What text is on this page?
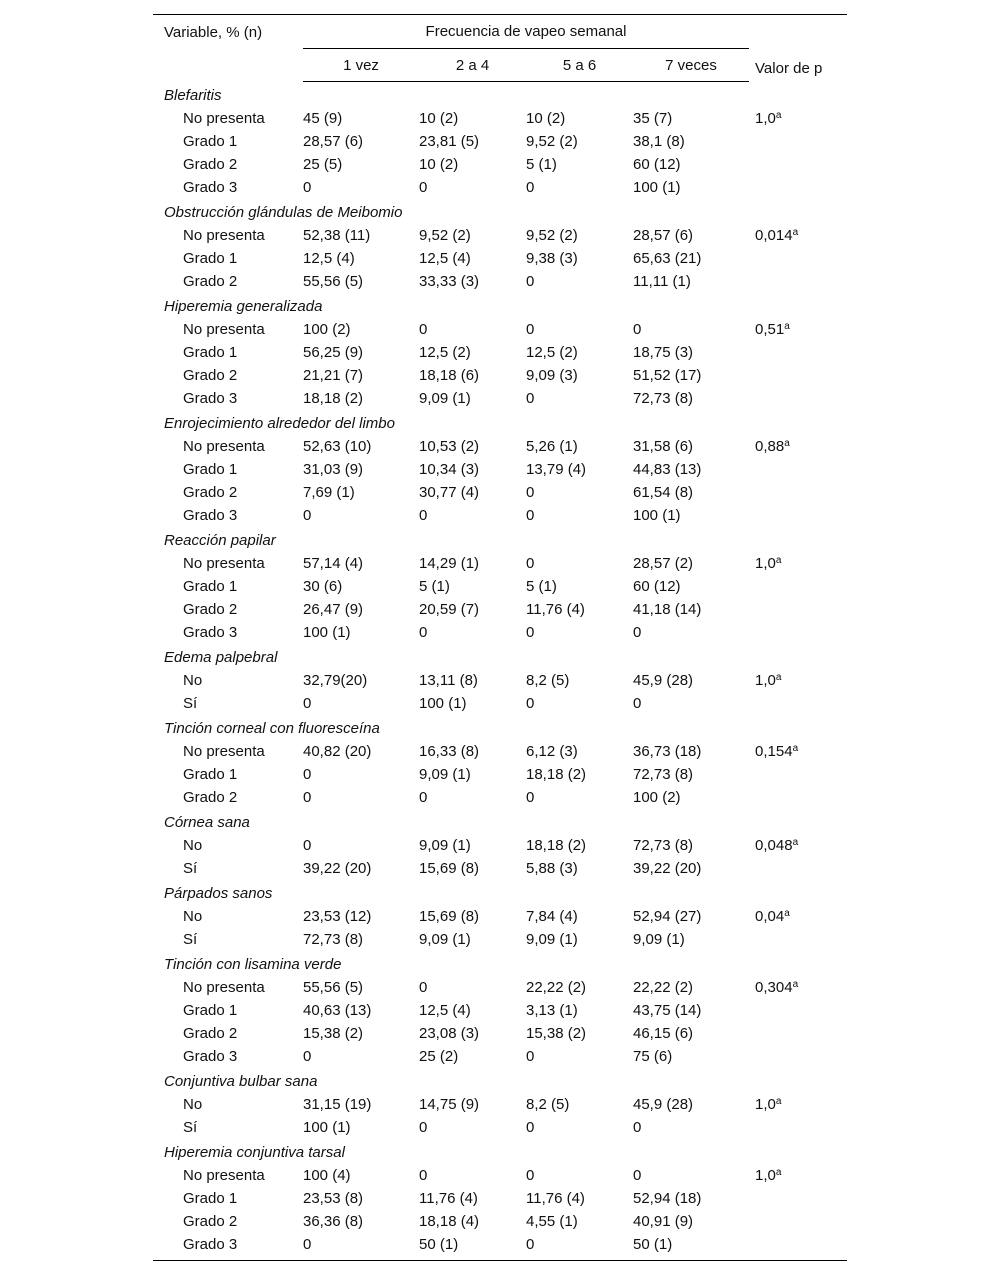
Variable, % (n)	Frecuencia de vapeo semanal				Valor de p
	1 vez	2 a 4	5 a 6	7 veces	
Blefaritis					
No presenta	45 (9)	10 (2)	10 (2)	35 (7)	1,0$^a$
Grado 1	28,57 (6)	23,81 (5)	9,52 (2)	38,1 (8)	
Grado 2	25 (5)	10 (2)	5 (1)	60 (12)	
Grado 3	0	0	0	100 (1)	
Obstrucción glándulas de Meibomio					
No presenta	52,38 (11)	9,52 (2)	9,52 (2)	28,57 (6)	0,014$^a$
Grado 1	12,5 (4)	12,5 (4)	9,38 (3)	65,63 (21)	
Grado 2	55,56 (5)	33,33 (3)	0	11,11 (1)	
Hiperemia generalizada					
No presenta	100 (2)	0	0	0	0,51$^a$
Grado 1	56,25 (9)	12,5 (2)	12,5 (2)	18,75 (3)	
Grado 2	21,21 (7)	18,18 (6)	9,09 (3)	51,52 (17)	
Grado 3	18,18 (2)	9,09 (1)	0	72,73 (8)	
Enrojecimiento alrededor del limbo					
No presenta	52,63 (10)	10,53 (2)	5,26 (1)	31,58 (6)	0,88$^a$
Grado 1	31,03 (9)	10,34 (3)	13,79 (4)	44,83 (13)	
Grado 2	7,69 (1)	30,77 (4)	0	61,54 (8)	
Grado 3	0	0	0	100 (1)	
Reacción papilar					
No presenta	57,14 (4)	14,29 (1)	0	28,57 (2)	1,0$^a$
Grado 1	30 (6)	5 (1)	5 (1)	60 (12)	
Grado 2	26,47 (9)	20,59 (7)	11,76 (4)	41,18 (14)	
Grado 3	100 (1)	0	0	0	
Edema palpebral					
No	32,79(20)	13,11 (8)	8,2 (5)	45,9 (28)	1,0$^a$
Sí	0	100 (1)	0	0	
Tinción corneal con fluoresceína					
No presenta	40,82 (20)	16,33 (8)	6,12 (3)	36,73 (18)	0,154$^a$
Grado 1	0	9,09 (1)	18,18 (2)	72,73 (8)	
Grado 2	0	0	0	100 (2)	
Córnea sana					
No	0	9,09 (1)	18,18 (2)	72,73 (8)	0,048$^a$
Sí	39,22 (20)	15,69 (8)	5,88 (3)	39,22 (20)	
Párpados sanos					
No	23,53 (12)	15,69 (8)	7,84 (4)	52,94 (27)	0,04$^a$
Sí	72,73 (8)	9,09 (1)	9,09 (1)	9,09 (1)	
Tinción con lisamina verde					
No presenta	55,56 (5)	0	22,22 (2)	22,22 (2)	0,304$^a$
Grado 1	40,63 (13)	12,5 (4)	3,13 (1)	43,75 (14)	
Grado 2	15,38 (2)	23,08 (3)	15,38 (2)	46,15 (6)	
Grado 3	0	25 (2)	0	75 (6)	
Conjuntiva bulbar sana					
No	31,15 (19)	14,75 (9)	8,2 (5)	45,9 (28)	1,0$^a$
Sí	100 (1)	0	0	0	
Hiperemia conjuntiva tarsal					
No presenta	100 (4)	0	0	0	1,0$^a$
Grado 1	23,53 (8)	11,76 (4)	11,76 (4)	52,94 (18)	
Grado 2	36,36 (8)	18,18 (4)	4,55 (1)	40,91 (9)	
Grado 3	0	50 (1)	0	50 (1)	
